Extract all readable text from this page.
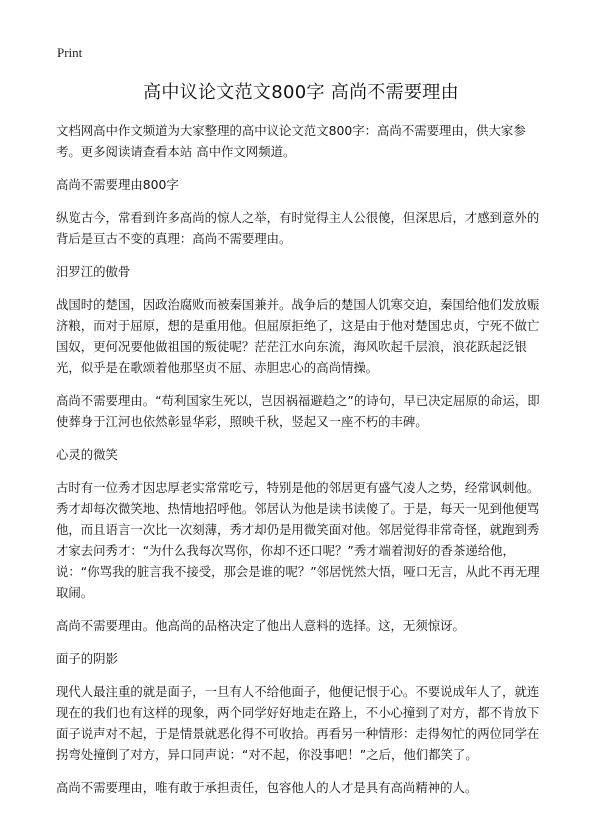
Print
高中议论文范文800字 高尚不需要理由

文档网高中作文频道为大家整理的高中议论文范文800字：高尚不需要理由，供大家参考。更多阅读请查看本站 高中作文网频道。

高尚不需要理由800字

纵览古今，常看到许多高尚的惊人之举，有时觉得主人公很傻，但深思后，才感到意外的背后是亘古不变的真理：高尚不需要理由。

汨罗江的傲骨

战国时的楚国，因政治腐败而被秦国兼并。战争后的楚国人饥寒交迫，秦国给他们发放赈济粮，而对于屈原，想的是重用他。但屈原拒绝了，这是由于他对楚国忠贞，宁死不做亡国奴，更何况要他做祖国的叛徒呢？茫茫江水向东流，海风吹起千层浪，浪花跃起泛银光，似乎是在歌颂着他那坚贞不屈、赤胆忠心的高尚情操。

高尚不需要理由。“苟利国家生死以，岂因祸福避趋之”的诗句，早已决定屈原的命运，即使葬身于江河也依然彰显华彩，照映千秋，竖起又一座不朽的丰碑。

心灵的微笑

古时有一位秀才因忠厚老实常常吃亏，特别是他的邻居更有盛气凌人之势，经常讽刺他。秀才却每次微笑地、热情地招呼他。邻居认为他是读书读傻了。于是，每天一见到他便骂他，而且语言一次比一次刻薄，秀才却仍是用微笑面对他。邻居觉得非常奇怪，就跑到秀才家去问秀才：“为什么我每次骂你，你却不还口呢？”秀才端着沏好的香茶递给他，说：“你骂我的脏言我不接受，那会是谁的呢？”邻居恍然大悟，哑口无言，从此不再无理取闹。

高尚不需要理由。他高尚的品格决定了他出人意料的选择。这，无须惊讶。

面子的阴影

现代人最注重的就是面子，一旦有人不给他面子，他便记恨于心。不要说成年人了，就连现在的我们也有这样的现象，两个同学好好地走在路上，不小心撞到了对方，都不肯放下面子说声对不起，于是情景就恶化得不可收拾。再看另一种情形：走得匆忙的两位同学在拐弯处撞倒了对方，异口同声说：“对不起，你没事吧！”之后，他们都笑了。

高尚不需要理由，唯有敢于承担责任，包容他人的人才是具有高尚精神的人。
